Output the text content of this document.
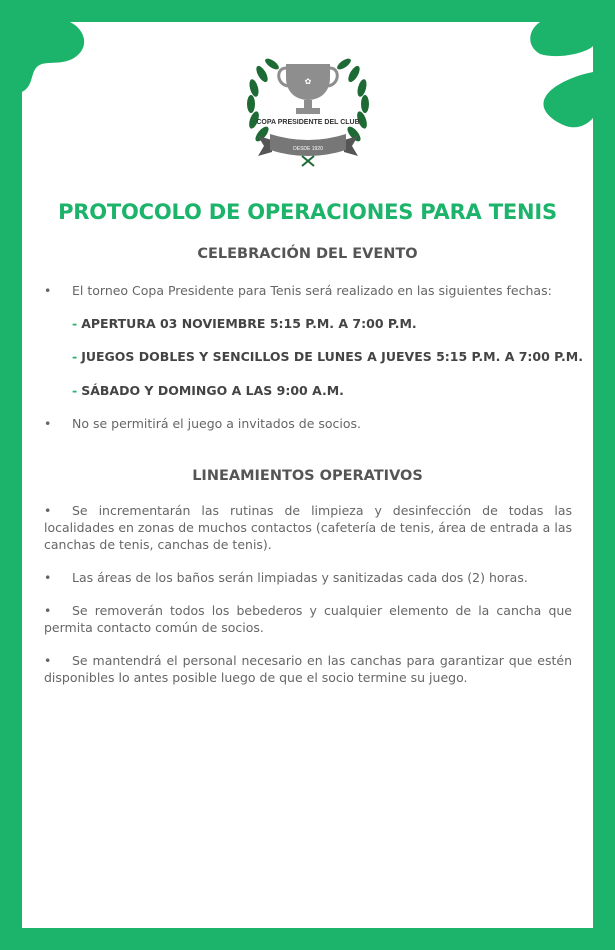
✿
COPA PRESIDENTE DEL CLUB
DESDE 1920
PROTOCOLO DE OPERACIONES PARA TENIS
CELEBRACIÓN DEL EVENTO

• El torneo Copa Presidente para Tenis será realizado en las siguientes fechas:

- APERTURA 03 NOVIEMBRE 5:15 P.M. A 7:00 P.M.

- JUEGOS DOBLES Y SENCILLOS DE LUNES A JUEVES 5:15 P.M. A 7:00 P.M.

- SÁBADO Y DOMINGO A LAS 9:00 A.M.

• No se permitirá el juego a invitados de socios.

LINEAMIENTOS OPERATIVOS

• Se incrementarán las rutinas de limpieza y desinfección de todas las localidades en zonas de muchos contactos (cafetería de tenis, área de entrada a las canchas de tenis, canchas de tenis).

• Las áreas de los baños serán limpiadas y sanitizadas cada dos (2) horas.

• Se removerán todos los bebederos y cualquier elemento de la cancha que permita contacto común de socios.

• Se mantendrá el personal necesario en las canchas para garantizar que estén disponibles lo antes posible luego de que el socio termine su juego.
